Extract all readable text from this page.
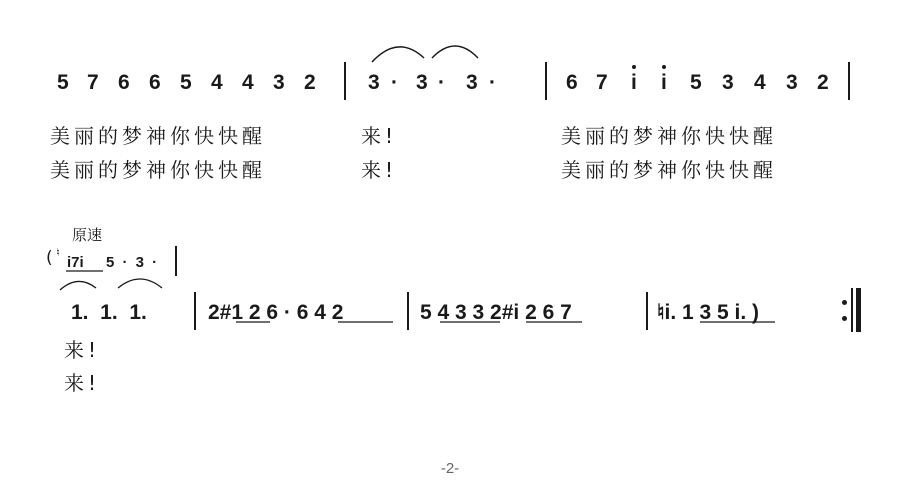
5 7 6 6 5 4 4 3 2 3 · 3 · 3 ·	6 7 i i 5 3 4 3 2
美丽的梦神你快快醒	来!	美丽的梦神你快快醒
美丽的梦神你快快醒	来!	美丽的梦神你快快醒
原速
( ♮
i7i 5 · 3 ·
1.  1.  1.	2#1 2 6 · 6 4 2	5 4 3 3 2#i 2 6 7	♮i. 1 3 5 i. )
来!
来!
-2-
